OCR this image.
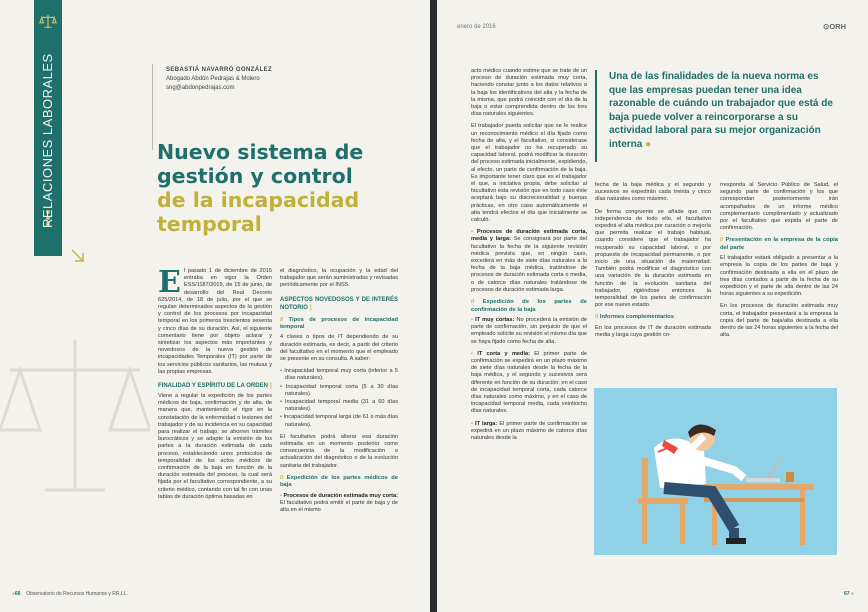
RELACIONES LABORALES	SEBASTIÁ NAVARRO GONZÁLEZ
Abogado Abdón Pedrajas & Molero
sng@abdonpedrajas.com
Nuevo sistema de
gestión y control
de la incapacidad
temporal

El pasado 1 de diciembre de 2015 entraba en vigor la Orden ESS/1187/2015, de 15 de junio, de desarrollo del Real Decreto 625/2014, de 18 de julio, por el que se regulan determinados aspectos de la gestión y control de los procesos por incapacidad temporal en los primeros trescientos sesenta y cinco días de su duración. Así, el siguiente comentario tiene por objeto aclarar y sintetizar los aspectos más importantes y novedosos de la nueva gestión de incapacidades Temporales (IT) por parte de los servicios públicos sanitarios, las mutuas y las propias empresas.

FINALIDAD Y ESPÍRITU DE LA ORDEN ]

Viene a regular la expedición de los partes médicos de baja, confirmación y de alta, de manera que, manteniendo el rigor en la constatación de la enfermedad o lesiones del trabajador y de su incidencia en su capacidad para realizar el trabajo, se ahorren trámites burocráticos y se adapte la emisión de los partes a la duración estimada de cada proceso, estableciendo unos protocolos de temporalidad de los actos médicos de confirmación de la baja en función de la duración estimada del proceso, la cual será fijada por el facultativo correspondiente, a su criterio médico, contando con tal fin con unas tablas de duración óptima basadas en

el diagnóstico, la ocupación y la edad del trabajador que serán suministradas y revisadas periódicamente por el INSS.

ASPECTOS NOVEDOSOS Y DE INTERÉS NOTORIO ]
// Tipos de procesos de incapacidad temporal

4 clases o tipos de IT dependiendo de su duración estimada, es decir, a partir del criterio del facultativo en el momento que el empleado se presente en su consulta. A saber:

• Incapacidad temporal muy corta (inferior a 5 días naturales).
• Incapacidad temporal corta (5 a 30 días naturales).
• Incapacidad temporal media (31 a 60 días naturales).
• Incapacidad temporal larga (de 61 o más días naturales).

El facultativo podrá alterar esa duración estimada en un momento posterior como consecuencia de la modificación o actualización del diagnóstico o de la evolución sanitaria del trabajador.

// Expedición de los partes médicos de baja

• Procesos de duración estimada muy corta: El facultativo podrá emitir el parte de baja y de alta en el mismo

●66 Observatorio de Recursos Humanos y RR.LL.
enero de 2016	⊙ORH

acto médico cuando estime que se trate de un proceso de duración estimada muy corta, haciendo constar junto a los datos relativos a la baja los identificativos del alta y la fecha de la misma, que podrá coincidir con el día de la baja o estar comprendida dentro de los tres días naturales siguientes.

El trabajador pueda solicitar que se le realice un reconocimiento médico el día fijado como fecha de alta, y el facultativo, si considerase que el trabajador no ha recuperado su capacidad laboral, podrá modificar la duración del proceso estimada inicialmente, expidiendo, al efecto, un parte de confirmación de la baja. Es importante tener claro que es el trabajador el que, a iniciativa propia, debe solicitar al facultativo esta revisión que en todo caso éste aceptará bajo su discrecionalidad y buenas prácticas, en otro caso automáticamente el alta tendrá efectos el día que inicialmente se calculó.

• Procesos de duración estimada corta, media y larga: Se consignará por parte del facultativo la fecha de la siguiente revisión médica prevista que, en ningún caso, excederá en más de siete días naturales a la fecha de la baja médica, tratándose de procesos de duración estimada corta o media, o de catorce días naturales tratándose de procesos de duración estimada larga.

// Expedición de los partes de confirmación de la baja

• IT muy cortas: No procederá la emisión de parte de confirmación, sin perjuicio de que el empleado solicite su revisión el mismo día que se haya fijado como fecha de alta.

• IT corta y media: El primer parte de confirmación se expedirá en un plazo máximo de siete días naturales desde la fecha de la baja médica, y el segundo y sucesivos será diferente en función de su duración: en el caso de incapacidad temporal corta, cada catorce días naturales como máximo, y en el caso de incapacidad temporal media, cada veintiocho días naturales.

• IT larga: El primer parte de confirmación se expedirá en un plazo máximo de catorce días naturales desde la

Una de las finalidades de la nueva norma es que las empresas puedan tener una idea razonable de cuándo un trabajador que está de baja puede volver a reincorporarse a su actividad laboral para su mejor organización interna ●

fecha de la baja médica y el segundo y sucesivos se expedirán cada treinta y cinco días naturales como máximo.

De forma congruente se añade que con independencia de todo ello, el facultativo expedirá el alta médica por curación o mejoría que permita realizar el trabajo habitual, cuando considere que el trabajador ha recuperado su capacidad laboral, o por propuesta de incapacidad permanente, o por inicio de una situación de maternidad. También podrá modificar el diagnóstico con una variación de la duración estimada en función de la evolución sanitaria del trabajador, rigiéndose entonces la temporalidad de los partes de confirmación por ese nuevo estado.

// Informes complementarios

En los procesos de IT de duración estimada media y larga cuya gestión co-

rresponda al Servicio Público de Salud, el segundo parte de confirmación y los que correspondan posteriormente irán acompañados de un informe médico complementario cumplimentado y actualizado por el facultativo que expida el parte de confirmación.

// Presentación en la empresa de la copia del parte

El trabajador estará obligado a presentar a la empresa la copia de los partes de baja y confirmación destinada a ella en el plazo de tres días contados a partir de la fecha de su expedición y el parte de alta dentro de las 24 horas siguientes a su expedición.

En los procesos de duración estimada muy corta, el trabajador presentará a la empresa la copia del parte de baja/alta destinada a ella dentro de las 24 horas siguientes a la fecha del alta.

67 ●
